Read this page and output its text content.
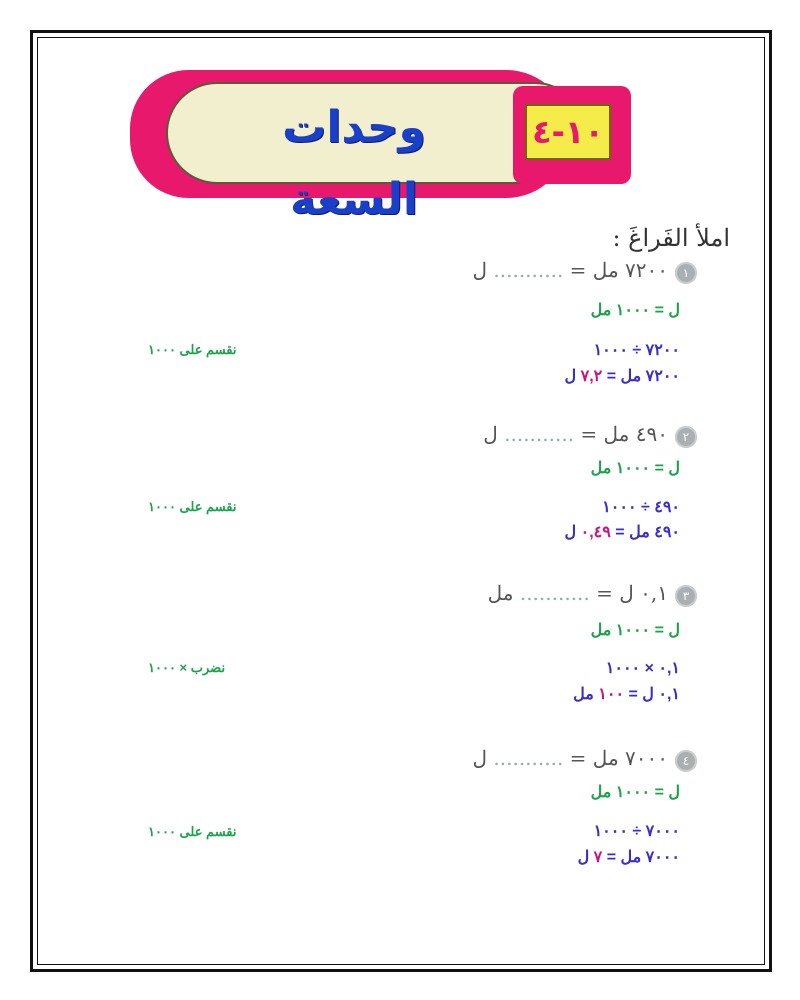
وحدات السعة
١٠-٤
املأ الفَراغَ :
١
٧٢٠٠ مل = ........... ل
ل = ١٠٠٠ مل
٧٢٠٠ ÷ ١٠٠٠
٧٢٠٠ مل = ٧,٢ ل
نقسم على ١٠٠٠
٢
٤٩٠ مل = ........... ل
ل = ١٠٠٠ مل
٤٩٠ ÷ ١٠٠٠
٤٩٠ مل = ٠,٤٩ ل
نقسم على ١٠٠٠
٣
٠,١ ل = ........... مل
ل = ١٠٠٠ مل
٠,١ × ١٠٠٠
٠,١ ل = ١٠٠ مل
نضرب × ١٠٠٠
٤
٧٠٠٠ مل = ........... ل
ل = ١٠٠٠ مل
٧٠٠٠ ÷ ١٠٠٠
٧٠٠٠ مل = ٧ ل
نقسم على ١٠٠٠
